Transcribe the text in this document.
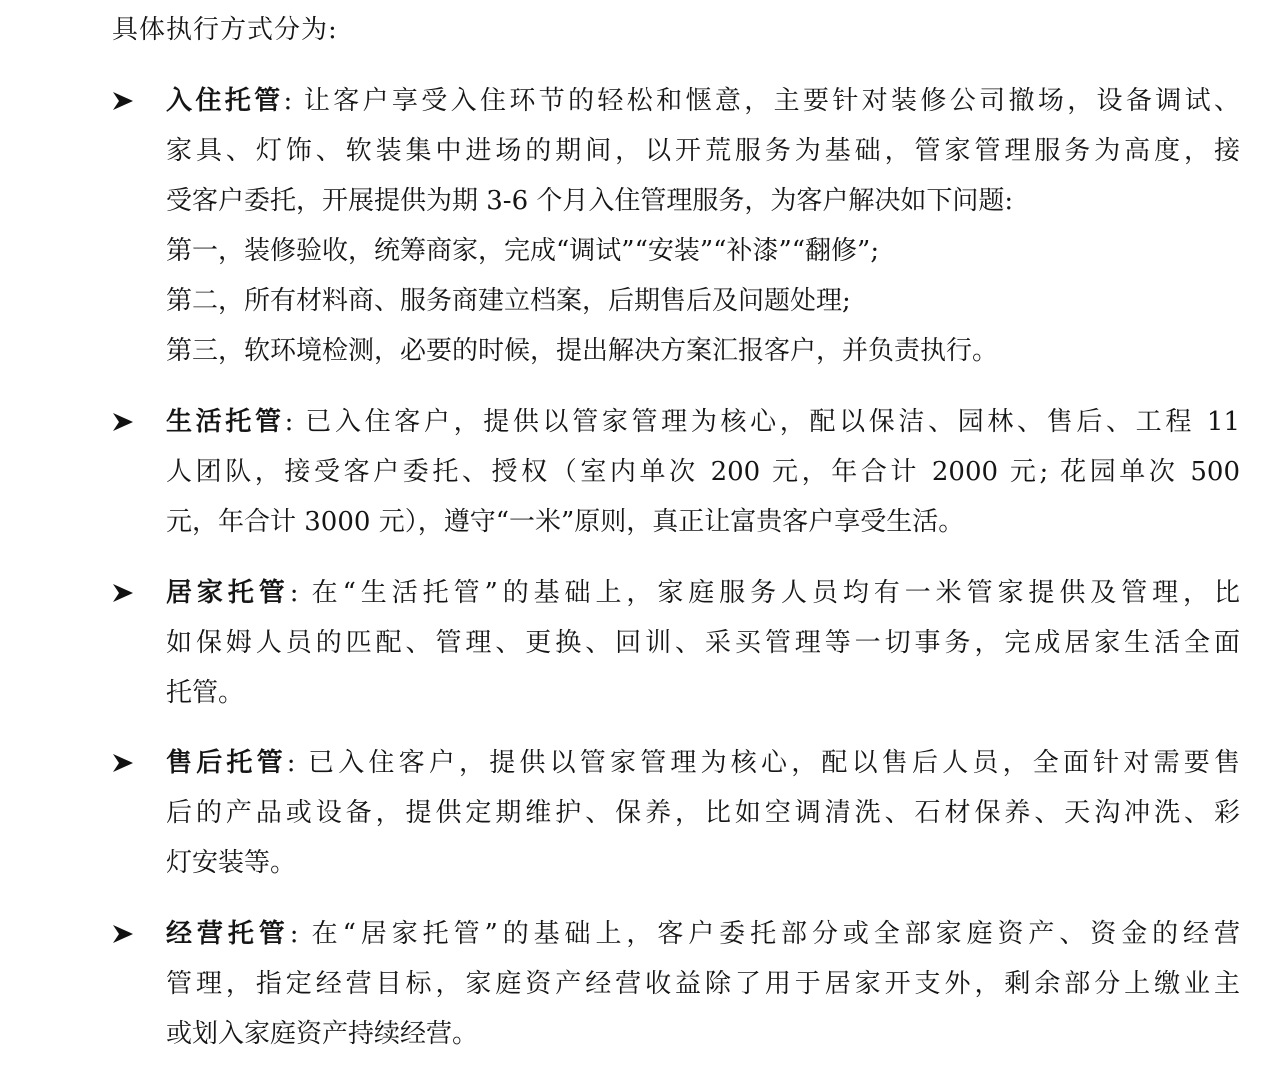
具体执行方式分为:
入住托管: 让客户享受入住环节的轻松和惬意，主要针对装修公司撤场，设备调试、
家具、灯饰、软装集中进场的期间，以开荒服务为基础，管家管理服务为高度，接
受客户委托，开展提供为期 3-6 个月入住管理服务，为客户解决如下问题:
第一，装修验收，统筹商家，完成“调试”“安装”“补漆”“翻修”;
第二，所有材料商、服务商建立档案，后期售后及问题处理;
第三，软环境检测，必要的时候，提出解决方案汇报客户，并负责执行。
生活托管: 已入住客户，提供以管家管理为核心，配以保洁、园林、售后、工程 11
人团队，接受客户委托、授权（室内单次 200 元，年合计 2000 元; 花园单次 500
元，年合计 3000 元），遵守“一米”原则，真正让富贵客户享受生活。
居家托管: 在“生活托管”的基础上，家庭服务人员均有一米管家提供及管理，比
如保姆人员的匹配、管理、更换、回训、采买管理等一切事务，完成居家生活全面
托管。
售后托管: 已入住客户，提供以管家管理为核心，配以售后人员，全面针对需要售
后的产品或设备，提供定期维护、保养，比如空调清洗、石材保养、天沟冲洗、彩
灯安装等。
经营托管: 在“居家托管”的基础上，客户委托部分或全部家庭资产、资金的经营
管理，指定经营目标，家庭资产经营收益除了用于居家开支外，剩余部分上缴业主
或划入家庭资产持续经营。
